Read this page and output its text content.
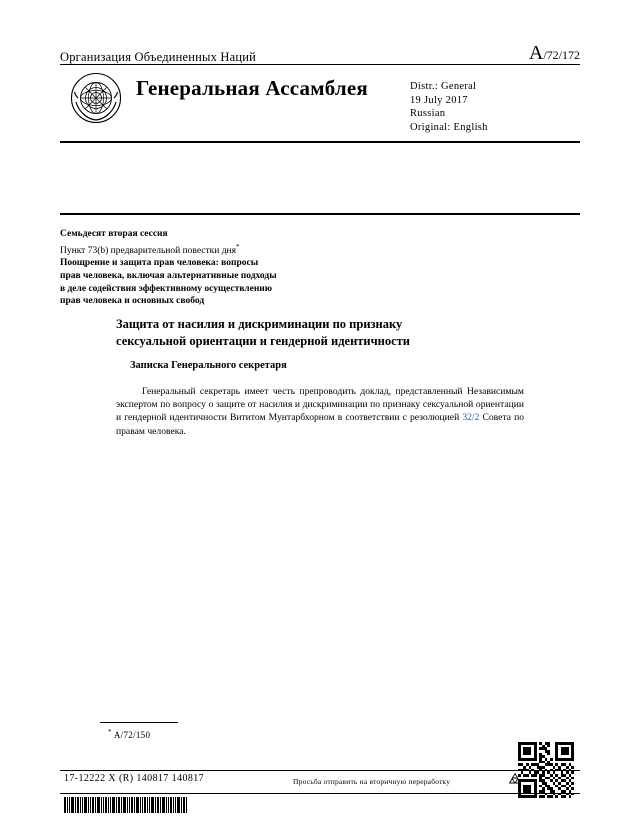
Организация Объединенных Наций	A/72/172
Генеральная Ассамблея	Distr.: General
19 July 2017
Russian
Original: English
Семьдесят вторая сессия
Пункт 73(b) предварительной повестки дня*
Поощрение и защита прав человека: вопросы
прав человека, включая альтернативные подходы
в деле содействия эффективному осуществлению
прав человека и основных свобод
Защита от насилия и дискриминации по признаку
сексуальной ориентации и гендерной идентичности
Записка Генерального секретаря
Генеральный секретарь имеет честь препроводить доклад, представленный Независимым экспертом по вопросу о защите от насилия и дискриминации по признаку сексуальной ориентации и гендерной идентичности Вититом Мунтарбхорном в соответствии с резолюцией 32/2 Совета по правам человека.
* A/72/150
17-12222 X (R) 140817 140817	Просьба отправить на вторичную переработку
